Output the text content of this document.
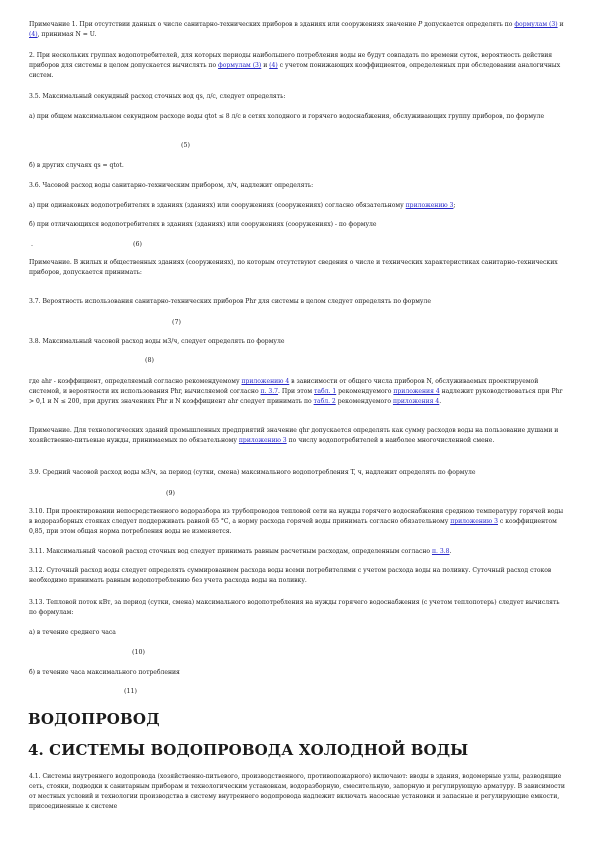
Примечание 1. При отсутствии данных о числе санитарно-технических приборов в зданиях или сооружениях значение P допускается определять по формулам (3) и (4), принимая N = U.
2. При нескольких группах водопотребителей, для которых периоды наибольшего потребления воды не будут совпадать по времени суток, вероятность действия приборов для системы в целом допускается вычислять по формулам (3) и (4) с учетом понижающих коэффициентов, определенных при обследовании аналогичных систем.
3.5. Максимальный секундный расход сточных вод qs, л/с, следует определять:
а) при общем максимальном секундном расходе воды qtot ≤ 8 л/с в сетях холодного и горячего водоснабжения, обслуживающих группу приборов, по формуле
(5)
б) в других случаях qs = qtot.
3.6. Часовой расход воды санитарно-техническим прибором, л/ч, надлежит определять:
а) при одинаковых водопотребителях в зданиях (зданиях) или сооружениях (сооружениях) согласно обязательному приложению 3;
б) при отличающихся водопотребителях в зданиях (зданиях) или сооружениях (сооружениях) - по формуле
.	(6)
Примечание. В жилых и общественных зданиях (сооружениях), по которым отсутствуют сведения о числе и технических характеристиках санитарно-технических приборов, допускается принимать:
3.7. Вероятность использования санитарно-технических приборов Phr для системы в целом следует определять по формуле
(7)
3.8. Максимальный часовой расход воды м3/ч, следует определять по формуле
(8)
где ahr - коэффициент, определяемый согласно рекомендуемому приложению 4 в зависимости от общего числа приборов N, обслуживаемых проектируемой системой, и вероятности их использования Phr, вычисляемой согласно п. 3.7. При этом табл. 1 рекомендуемого приложения 4 надлежит руководствоваться при Phr > 0,1 и N ≤ 200, при других значениях Phr и N коэффициент ahr следует принимать по табл. 2 рекомендуемого приложения 4.
Примечание. Для технологических зданий промышленных предприятий значение qhr допускается определять как сумму расходов воды на пользование душами и хозяйственно-питьевые нужды, принимаемых по обязательному приложению 3 по числу водопотребителей в наиболее многочисленной смене.
3.9. Средний часовой расход воды м3/ч, за период (сутки, смена) максимального водопотребления T, ч, надлежит определять по формуле
(9)
3.10. При проектировании непосредственного водоразбора из трубопроводов тепловой сети на нужды горячего водоснабжения среднюю температуру горячей воды в водоразборных стояках следует поддерживать равной 65 °С, а норму расхода горячей воды принимать согласно обязательному приложению 3 с коэффициентом 0,85, при этом общая норма потребления воды не изменяется.
3.11. Максимальный часовой расход сточных вод следует принимать равным расчетным расходам, определенным согласно п. 3.8.
3.12. Суточный расход воды следует определять суммированием расхода воды всеми потребителями с учетом расхода воды на поливку. Суточный расход стоков необходимо принимать равным водопотреблению без учета расхода воды на поливку.
3.13. Тепловой поток кВт, за период (сутки, смена) максимального водопотребления на нужды горячего водоснабжения (с учетом теплопотерь) следует вычислять по формулам:
а) в течение среднего часа
(10)
б) в течение часа максимального потребления
(11)
ВОДОПРОВОД
4. СИСТЕМЫ ВОДОПРОВОДА ХОЛОДНОЙ ВОДЫ
4.1. Системы внутреннего водопровода (хозяйственно-питьевого, производственного, противопожарного) включают: вводы в здания, водомерные узлы, разводящие сеть, стояки, подводки к санитарным приборам и технологическим установкам, водоразборную, смесительную, запорную и регулирующую арматуру. В зависимости от местных условий и технологии производства в систему внутреннего водопровода надлежит включать насосные установки и запасные и регулирующие емкости, присоединенные к системе
